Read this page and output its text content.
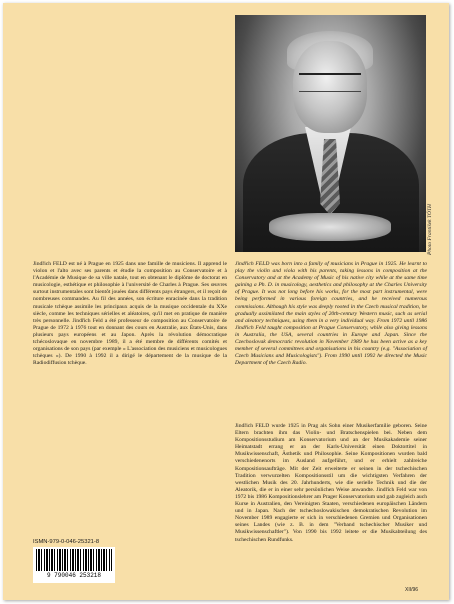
Photo František TÓTH

Jindřich FELD est né à Prague en 1925 dans une famille de musiciens. Il apprend le violon et l'alto avec ses parents et étudie la composition au Conservatoire et à l'Académie de Musique de sa ville natale, tout en obtenant le diplôme de doctorat en musicologie, esthétique et philosophie à l'université de Charles à Prague. Ses œuvres surtout instrumentales sont bientôt jouées dans différents pays étrangers, et il reçoit de nombreuses commandes. Au fil des années, son écriture enracinée dans la tradition musicale tchèque assimile les principaux acquis de la musique occidentale du XXe siècle, comme les techniques sérielles et aléatoires, qu'il met en pratique de manière très personnelle. Jindřich Feld a été professeur de composition au Conservatoire de Prague de 1972 à 1976 tout en donnant des cours en Australie, aux États-Unis, dans plusieurs pays européens et au Japon. Après la révolution démocratique tchécoslovaque en novembre 1989, il a été membre de différents comités et organisations de son pays (par exemple « L'association des musiciens et musicologues tchèques »). De 1990 à 1992 il a dirigé le département de la musique de la Radiodiffusion tchèque.

Jindřich FELD was born into a family of musicians in Prague in 1925. He learnt to play the violin and viola with his parents, taking lessons in composition at the Conservatory and at the Academy of Music of his native city while at the same time gaining a Ph. D. in musicology, aesthetics and philosophy at the Charles University of Prague. It was not long before his works, for the most part instrumental, were being performed in various foreign countries, and he received numerous commissions. Although his style was deeply rooted in the Czech musical tradition, he gradually assimilated the main styles of 20th-century Western music, such as serial and aleatory techniques, using them in a very individual way. From 1972 until 1986 Jindřich Feld taught composition at Prague Conservatory, while also giving lessons in Australia, the USA, several countries in Europe and Japan. Since the Czechoslovak democratic revolution in November 1989 he has been active as a key member of several committees and organisations in his country (e.g. "Association of Czech Musicians and Musicologists"). From 1990 until 1992 he directed the Music Department of the Czech Radio.

Jindřich FELD wurde 1925 in Prag als Sohn einer Musikerfamilie geboren. Seine Eltern brachten ihm das Violin- und Bratschenspielen bei. Neben dem Kompositionsstudium am Konservatorium und an der Musikakademie seiner Heimatstadt errang er an der Karls-Universität einen Doktortitel in Musikwissenschaft, Ästhetik und Philosophie. Seine Kompositionen wurden bald verschiedenenorts im Ausland aufgeführt, und er erhielt zahlreiche Kompositionsaufträge. Mit der Zeit erweiterte er seinen in der tschechischen Tradition verwurzelten Kompositionsstil um die wichtigsten Verfahren der westlichen Musik des 20. Jahrhunderts, wie die serielle Technik und die der Aleatorik, die er in einer sehr persönlichen Weise anwandte. Jindřich Feld war von 1972 bis 1986 Kompositionslehrer am Prager Konservatorium und gab zugleich auch Kurse in Australien, den Vereinigten Staaten, verschiedenen europäischen Ländern und in Japan. Nach der tschechoslowakischen demokratischen Revolution im November 1989 engagierte er sich in verschiedenen Gremien und Organisationen seines Landes (wie z. B. in dem "Verband tschechischer Musiker und Musikwissenschaftler"). Von 1990 bis 1992 leitete er die Musikabteilung des tschechischen Rundfunks.

ISMN-979-0-046-25321-8
9 790046 253218
XII/96
